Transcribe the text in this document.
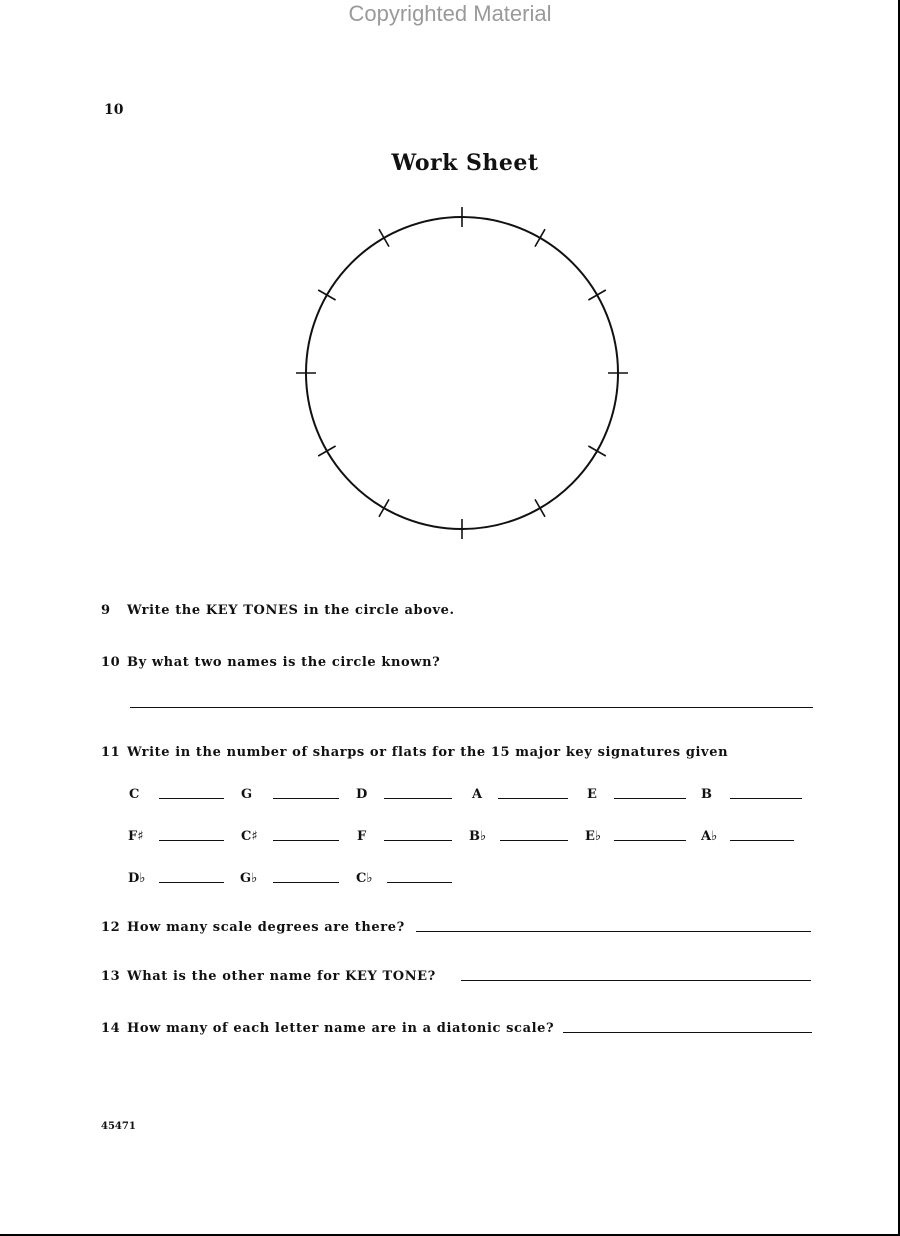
Copyrighted Material
10
Work Sheet
9 Write the KEY TONES in the circle above.
10 By what two names is the circle known?
11 Write in the number of sharps or flats for the 15 major key signatures given
C	G	D	A	E	B
F♯	C♯	F	B♭	E♭	A♭
D♭	G♭	C♭
12 How many scale degrees are there?
13 What is the other name for KEY TONE?
14 How many of each letter name are in a diatonic scale?
45471
